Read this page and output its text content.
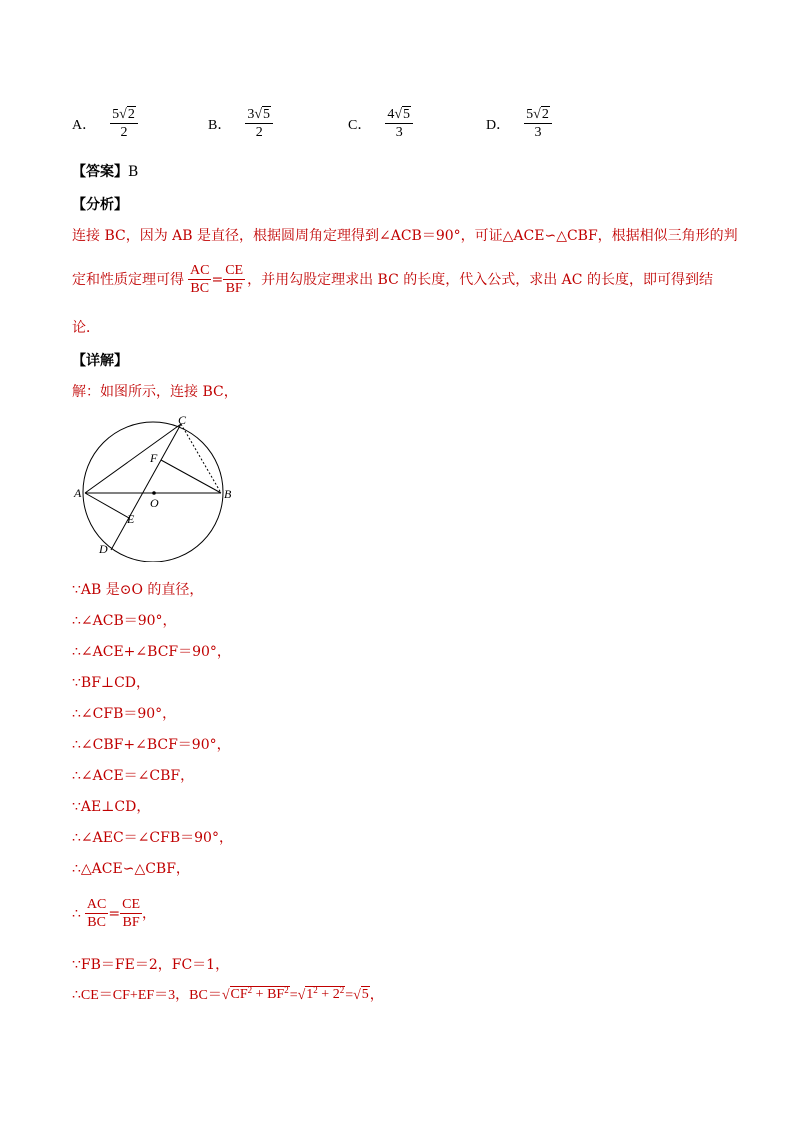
A． $\frac{5 √ 2}{2}$	B． $\frac{3 √ 5}{2}$	C． $\frac{4 √ 5}{3}$	D． $\frac{5 √ 2}{3}$
【答案】B
【分析】
连接 BC，因为 AB 是直径，根据圆周角定理得到∠ACB＝90°，可证△ACE∽△CBF，根据相似三角形的判
定和性质定理可得 $\frac{AC}{BC} = \frac{CE}{BF}$ ，并用勾股定理求出 BC 的长度，代入公式，求出 AC 的长度，即可得到结
论．
【详解】
解：如图所示，连接 BC，
C
F
A
O
B
E
D
∵AB 是⊙O 的直径，
∴∠ACB＝90°，
∴∠ACE+∠BCF＝90°，
∵BF⊥CD，
∴∠CFB＝90°，
∴∠CBF+∠BCF＝90°，
∴∠ACE＝∠CBF，
∵AE⊥CD，
∴∠AEC＝∠CFB＝90°，
∴△ACE∽△CBF，
∴ $\frac{AC}{BC} = \frac{CE}{BF}$ ，
∵FB＝FE＝2，FC＝1，
∴CE＝CF+EF＝3，BC＝ √ $CF^2 + BF^2$ = √ $1^2 + 2^2$ = √ 5 ，
